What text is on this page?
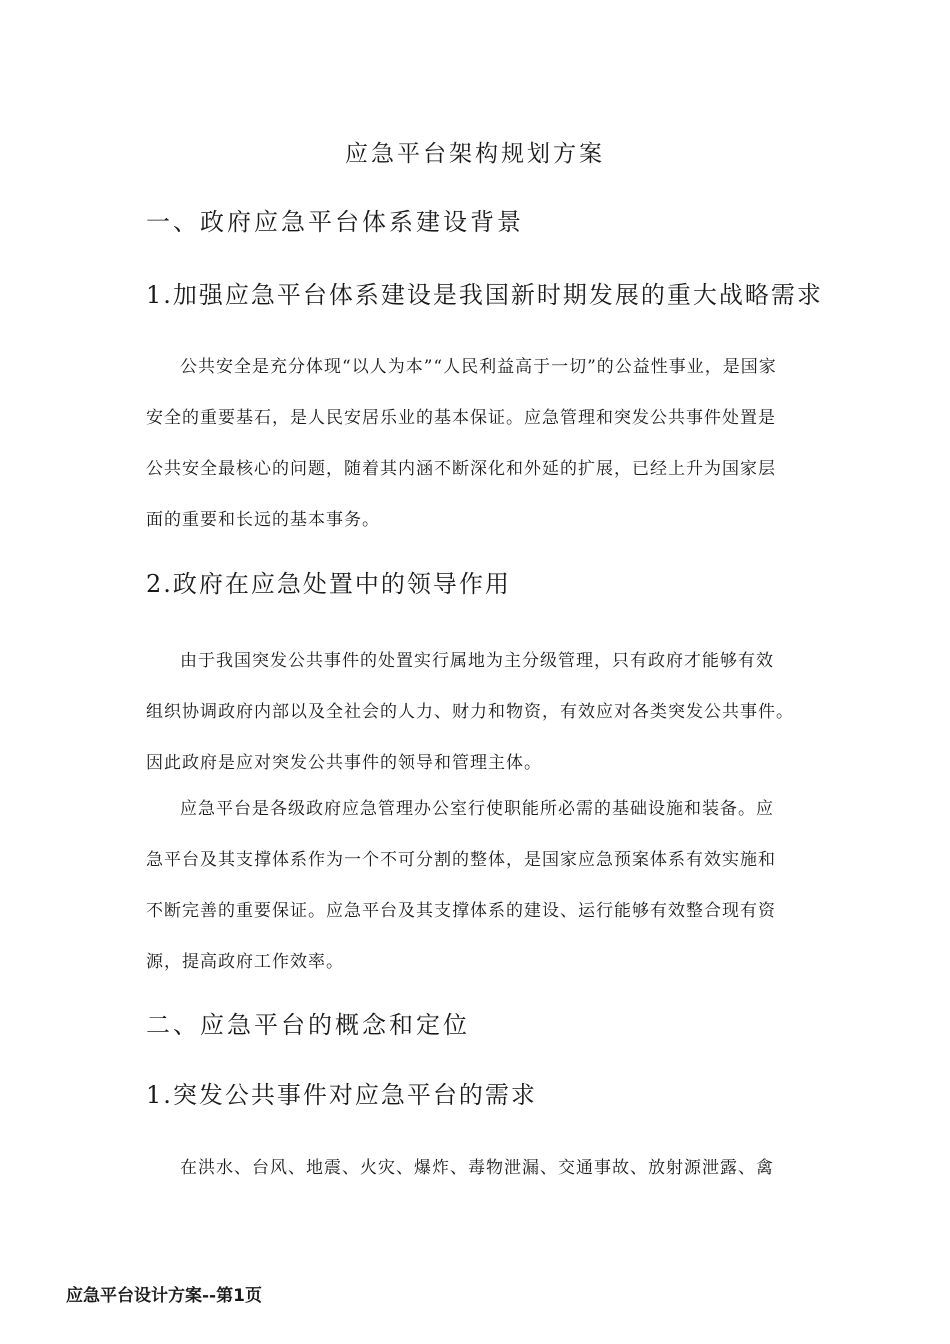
应急平台架构规划方案
一、政府应急平台体系建设背景
1.加强应急平台体系建设是我国新时期发展的重大战略需求
公共安全是充分体现“以人为本”“人民利益高于一切”的公益性事业，是国家
安全的重要基石，是人民安居乐业的基本保证。应急管理和突发公共事件处置是
公共安全最核心的问题，随着其内涵不断深化和外延的扩展，已经上升为国家层
面的重要和长远的基本事务。
2.政府在应急处置中的领导作用
由于我国突发公共事件的处置实行属地为主分级管理，只有政府才能够有效
组织协调政府内部以及全社会的人力、财力和物资，有效应对各类突发公共事件。
因此政府是应对突发公共事件的领导和管理主体。
应急平台是各级政府应急管理办公室行使职能所必需的基础设施和装备。应
急平台及其支撑体系作为一个不可分割的整体，是国家应急预案体系有效实施和
不断完善的重要保证。应急平台及其支撑体系的建设、运行能够有效整合现有资
源，提高政府工作效率。
二、应急平台的概念和定位
1.突发公共事件对应急平台的需求
在洪水、台风、地震、火灾、爆炸、毒物泄漏、交通事故、放射源泄露、禽
应急平台设计方案--第1页
